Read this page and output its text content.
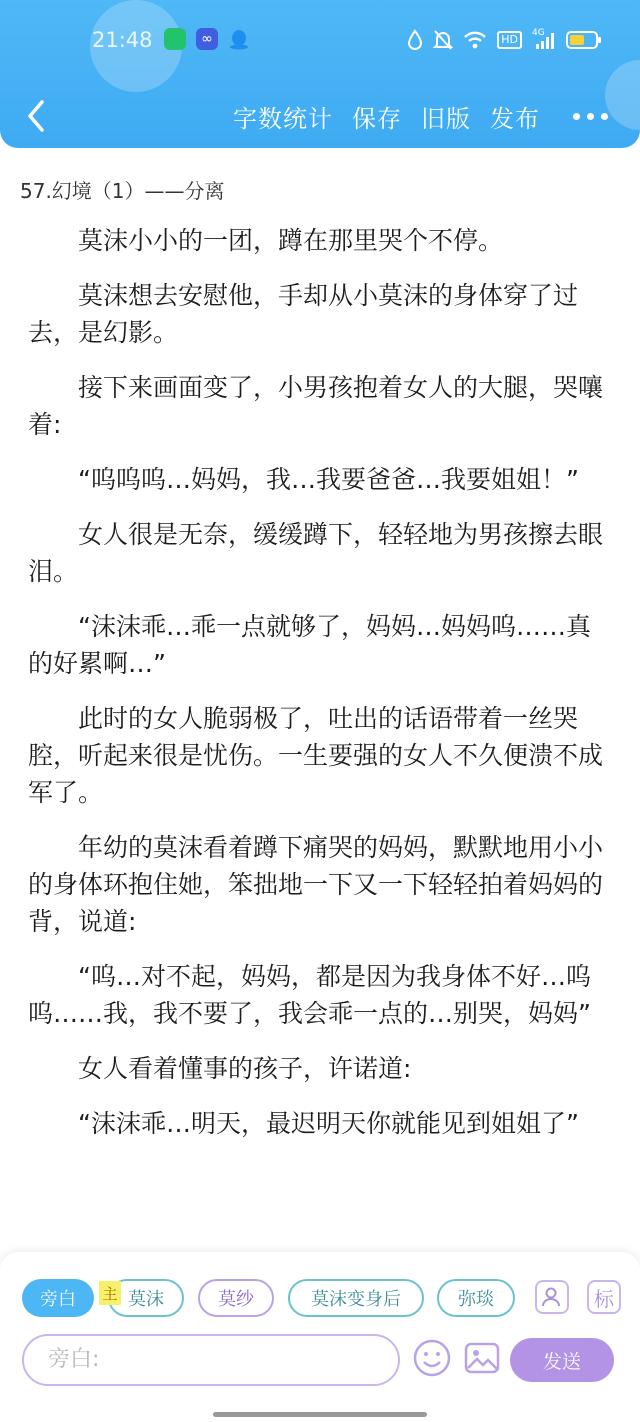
21:48	∞	HD	4G
字数统计 保存 旧版 发布
57.幻境（1）——分离

莫沫小小的一团，蹲在那里哭个不停。

莫沫想去安慰他，手却从小莫沫的身体穿了过去，是幻影。

接下来画面变了，小男孩抱着女人的大腿，哭嚷着:

“呜呜呜…妈妈，我…我要爸爸…我要姐姐！”

女人很是无奈，缓缓蹲下，轻轻地为男孩擦去眼泪。

“沫沫乖…乖一点就够了，妈妈…妈妈呜……真的好累啊…”

此时的女人脆弱极了，吐出的话语带着一丝哭腔，听起来很是忧伤。一生要强的女人不久便溃不成军了。

年幼的莫沫看着蹲下痛哭的妈妈，默默地用小小的身体环抱住她，笨拙地一下又一下轻轻拍着妈妈的背，说道:

“呜…对不起，妈妈，都是因为我身体不好…呜呜……我，我不要了，我会乖一点的…别哭，妈妈”

女人看着懂事的孩子，许诺道:

“沫沫乖…明天，最迟明天你就能见到姐姐了”

旁白	莫沫
主	莫纱	莫沫变身后	弥琰	标
旁白:	发送
